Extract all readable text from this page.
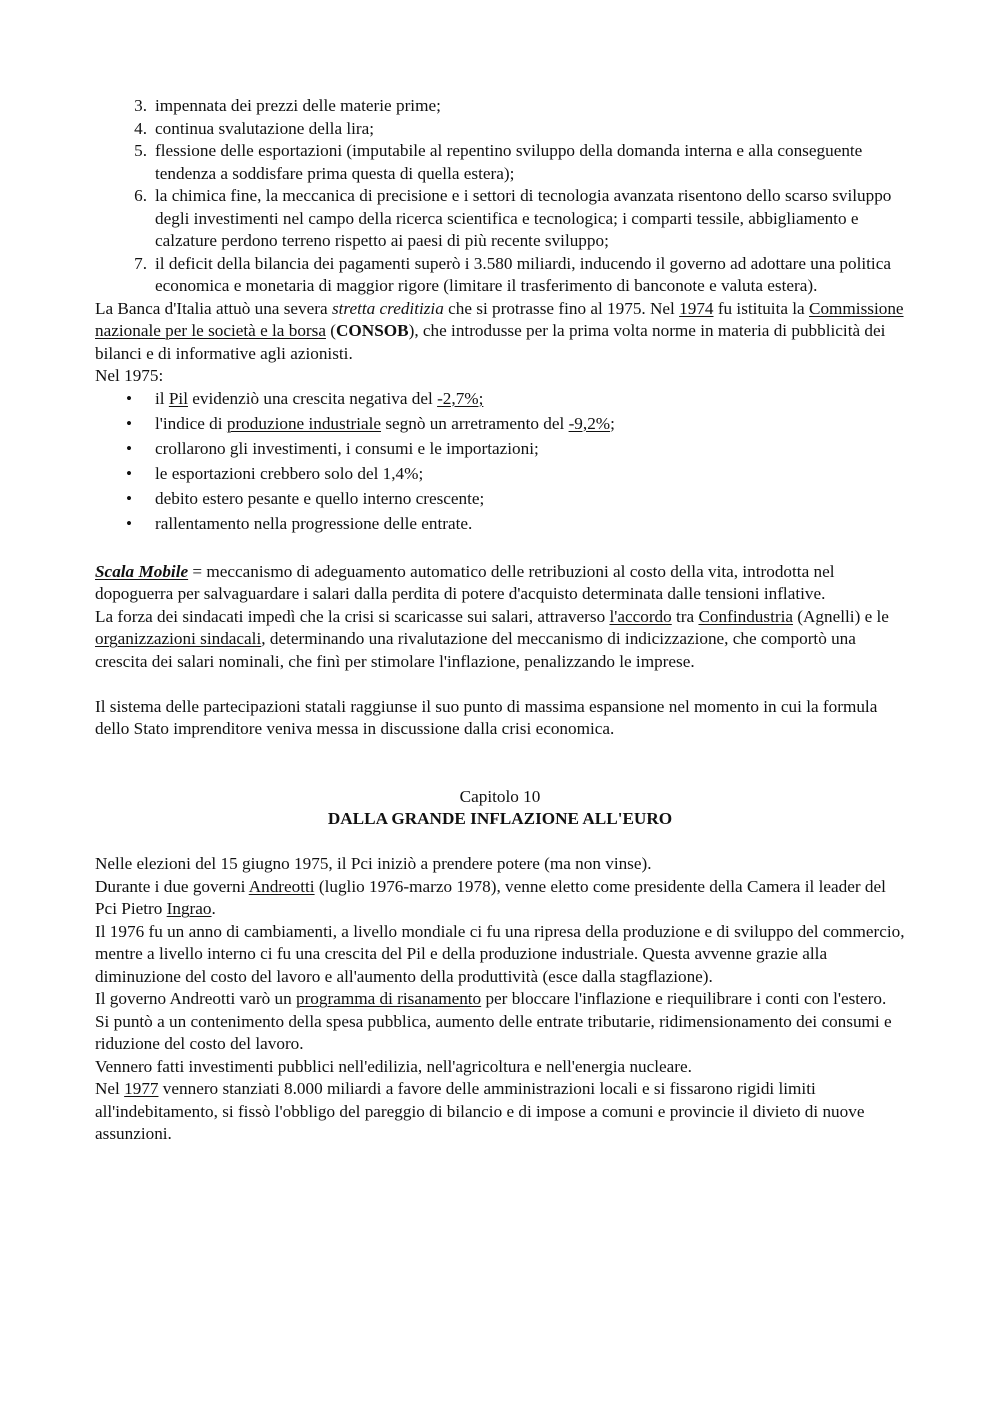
3. impennata dei prezzi delle materie prime;
4. continua svalutazione della lira;
5. flessione delle esportazioni (imputabile al repentino sviluppo della domanda interna e alla conseguente tendenza a soddisfare prima questa di quella estera);
6. la chimica fine, la meccanica di precisione e i settori di tecnologia avanzata risentono dello scarso sviluppo degli investimenti nel campo della ricerca scientifica e tecnologica; i comparti tessile, abbigliamento e calzature perdono terreno rispetto ai paesi di più recente sviluppo;
7. il deficit della bilancia dei pagamenti superò i 3.580 miliardi, inducendo il governo ad adottare una politica economica e monetaria di maggior rigore (limitare il trasferimento di banconote e valuta estera).

La Banca d'Italia attuò una severa stretta creditizia che si protrasse fino al 1975. Nel 1974 fu istituita la Commissione nazionale per le società e la borsa (CONSOB), che introdusse per la prima volta norme in materia di pubblicità dei bilanci e di informative agli azionisti.

Nel 1975:

• il Pil evidenziò una crescita negativa del -2,7%;
• l'indice di produzione industriale segnò un arretramento del -9,2%;
• crollarono gli investimenti, i consumi e le importazioni;
• le esportazioni crebbero solo del 1,4%;
• debito estero pesante e quello interno crescente;
• rallentamento nella progressione delle entrate.

Scala Mobile = meccanismo di adeguamento automatico delle retribuzioni al costo della vita, introdotta nel dopoguerra per salvaguardare i salari dalla perdita di potere d'acquisto determinata dalle tensioni inflative.

La forza dei sindacati impedì che la crisi si scaricasse sui salari, attraverso l'accordo tra Confindustria (Agnelli) e le organizzazioni sindacali, determinando una rivalutazione del meccanismo di indicizzazione, che comportò una crescita dei salari nominali, che finì per stimolare l'inflazione, penalizzando le imprese.

Il sistema delle partecipazioni statali raggiunse il suo punto di massima espansione nel momento in cui la formula dello Stato imprenditore veniva messa in discussione dalla crisi economica.

Capitolo 10

DALLA GRANDE INFLAZIONE ALL'EURO

Nelle elezioni del 15 giugno 1975, il Pci iniziò a prendere potere (ma non vinse).

Durante i due governi Andreotti (luglio 1976-marzo 1978), venne eletto come presidente della Camera il leader del Pci Pietro Ingrao.

Il 1976 fu un anno di cambiamenti, a livello mondiale ci fu una ripresa della produzione e di sviluppo del commercio, mentre a livello interno ci fu una crescita del Pil e della produzione industriale. Questa avvenne grazie alla diminuzione del costo del lavoro e all'aumento della produttività (esce dalla stagflazione).

Il governo Andreotti varò un programma di risanamento per bloccare l'inflazione e riequilibrare i conti con l'estero.

Si puntò a un contenimento della spesa pubblica, aumento delle entrate tributarie, ridimensionamento dei consumi e riduzione del costo del lavoro.

Vennero fatti investimenti pubblici nell'edilizia, nell'agricoltura e nell'energia nucleare.

Nel 1977 vennero stanziati 8.000 miliardi a favore delle amministrazioni locali e si fissarono rigidi limiti all'indebitamento, si fissò l'obbligo del pareggio di bilancio e di impose a comuni e provincie il divieto di nuove assunzioni.
